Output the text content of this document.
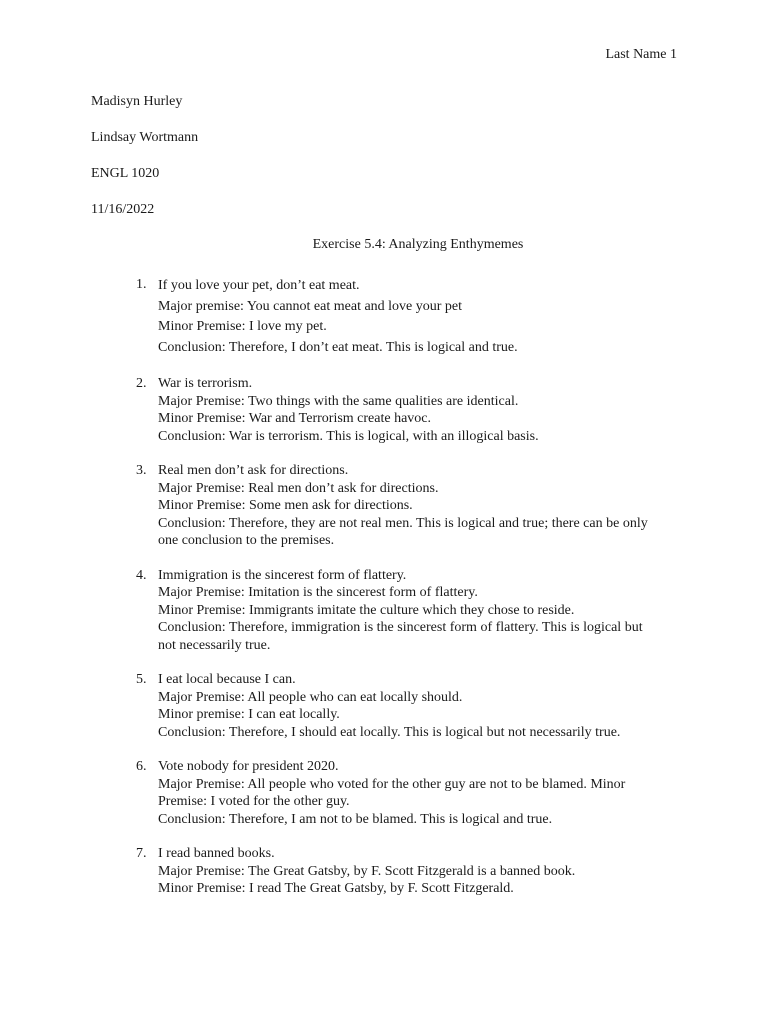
Last Name 1
Madisyn Hurley
Lindsay Wortmann
ENGL 1020
11/16/2022
Exercise 5.4: Analyzing Enthymemes
1. If you love your pet, don’t eat meat.

Major premise: You cannot eat meat and love your pet

Minor Premise: I love my pet.

Conclusion: Therefore, I don’t eat meat. This is logical and true.

2. War is terrorism.

Major Premise: Two things with the same qualities are identical.

Minor Premise: War and Terrorism create havoc.

Conclusion: War is terrorism. This is logical, with an illogical basis.

3. Real men don’t ask for directions.

Major Premise: Real men don’t ask for directions.

Minor Premise: Some men ask for directions.

Conclusion: Therefore, they are not real men. This is logical and true; there can be only one conclusion to the premises.

4. Immigration is the sincerest form of flattery.

Major Premise: Imitation is the sincerest form of flattery.

Minor Premise: Immigrants imitate the culture which they chose to reside.

Conclusion: Therefore, immigration is the sincerest form of flattery. This is logical but not necessarily true.

5. I eat local because I can.

Major Premise: All people who can eat locally should.

Minor premise: I can eat locally.

Conclusion: Therefore, I should eat locally. This is logical but not necessarily true.

6. Vote nobody for president 2020.

Major Premise: All people who voted for the other guy are not to be blamed. Minor Premise: I voted for the other guy.

Conclusion: Therefore, I am not to be blamed. This is logical and true.

7. I read banned books.

Major Premise: The Great Gatsby, by F. Scott Fitzgerald is a banned book.

Minor Premise: I read The Great Gatsby, by F. Scott Fitzgerald.
